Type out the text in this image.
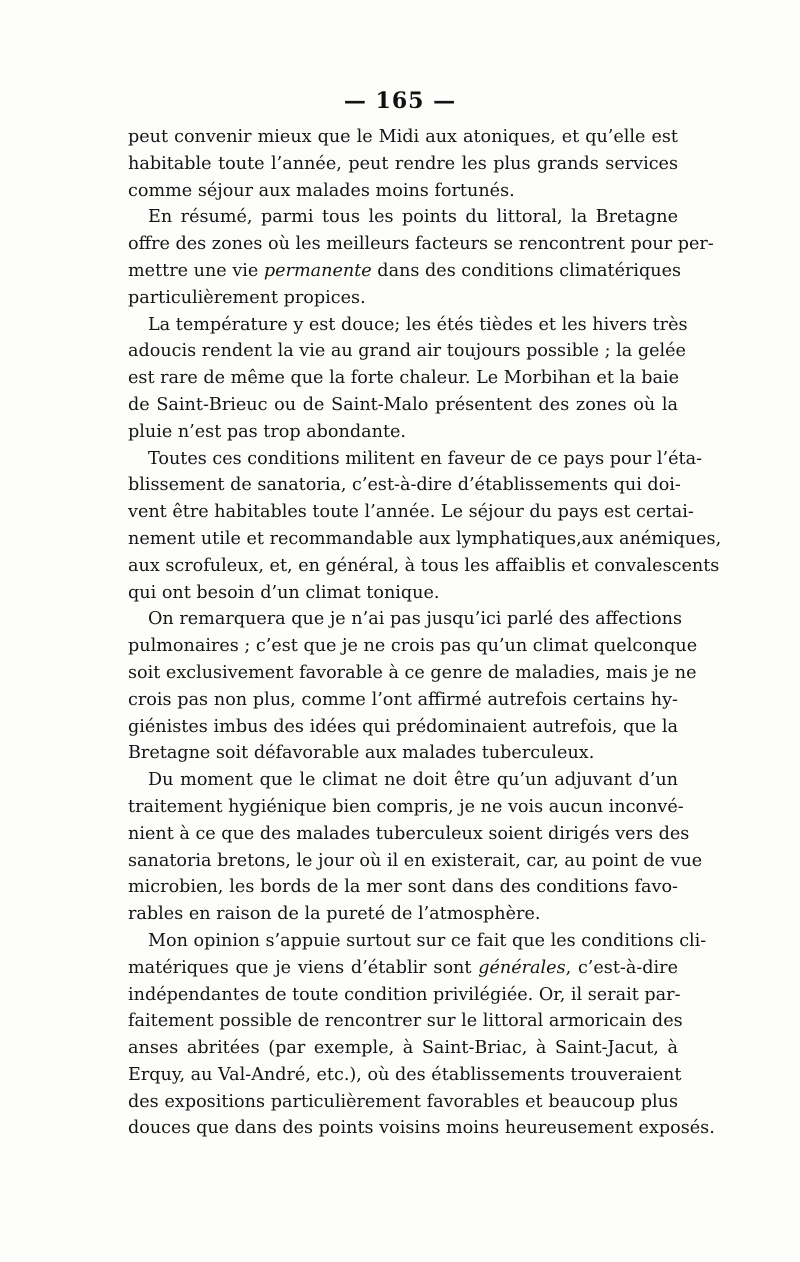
— 165 —
peut convenir mieux que le Midi aux atoniques, et qu’elle est
habitable toute l’année, peut rendre les plus grands services
comme séjour aux malades moins fortunés.
En résumé, parmi tous les points du littoral, la Bretagne
offre des zones où les meilleurs facteurs se rencontrent pour per-
mettre une vie permanente dans des conditions climatériques
particulièrement propices.
La température y est douce; les étés tièdes et les hivers très
adoucis rendent la vie au grand air toujours possible ; la gelée
est rare de même que la forte chaleur. Le Morbihan et la baie
de Saint-Brieuc ou de Saint-Malo présentent des zones où la
pluie n’est pas trop abondante.
Toutes ces conditions militent en faveur de ce pays pour l’éta-
blissement de sanatoria, c’est-à-dire d’établissements qui doi-
vent être habitables toute l’année. Le séjour du pays est certai-
nement utile et recommandable aux lymphatiques,aux anémiques,
aux scrofuleux, et, en général, à tous les affaiblis et convalescents
qui ont besoin d’un climat tonique.
On remarquera que je n’ai pas jusqu’ici parlé des affections
pulmonaires ; c’est que je ne crois pas qu’un climat quelconque
soit exclusivement favorable à ce genre de maladies, mais je ne
crois pas non plus, comme l’ont affirmé autrefois certains hy-
giénistes imbus des idées qui prédominaient autrefois, que la
Bretagne soit défavorable aux malades tuberculeux.
Du moment que le climat ne doit être qu’un adjuvant d’un
traitement hygiénique bien compris, je ne vois aucun inconvé-
nient à ce que des malades tuberculeux soient dirigés vers des
sanatoria bretons, le jour où il en existerait, car, au point de vue
microbien, les bords de la mer sont dans des conditions favo-
rables en raison de la pureté de l’atmosphère.
Mon opinion s’appuie surtout sur ce fait que les conditions cli-
matériques que je viens d’établir sont générales, c’est-à-dire
indépendantes de toute condition privilégiée. Or, il serait par-
faitement possible de rencontrer sur le littoral armoricain des
anses abritées (par exemple, à Saint-Briac, à Saint-Jacut, à
Erquy, au Val-André, etc.), où des établissements trouveraient
des expositions particulièrement favorables et beaucoup plus
douces que dans des points voisins moins heureusement exposés.
